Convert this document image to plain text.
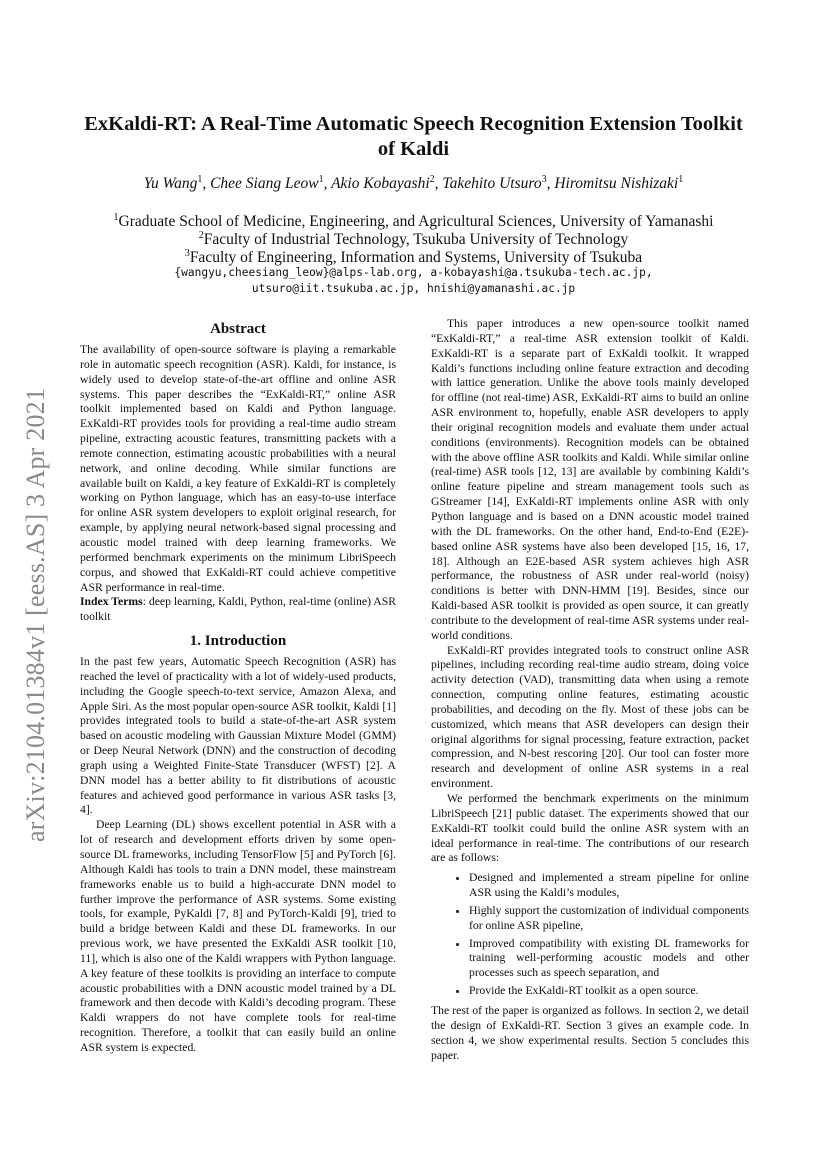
arXiv:2104.01384v1 [eess.AS] 3 Apr 2021
ExKaldi-RT: A Real-Time Automatic Speech Recognition Extension Toolkit
of Kaldi
Yu Wang$^1$, Chee Siang Leow$^1$, Akio Kobayashi$^2$, Takehito Utsuro$^3$, Hiromitsu Nishizaki$^1$
$^1$Graduate School of Medicine, Engineering, and Agricultural Sciences, University of Yamanashi
$^2$Faculty of Industrial Technology, Tsukuba University of Technology
$^3$Faculty of Engineering, Information and Systems, University of Tsukuba
{wangyu,cheesiang_leow}@alps-lab.org, a-kobayashi@a.tsukuba-tech.ac.jp,
utsuro@iit.tsukuba.ac.jp, hnishi@yamanashi.ac.jp
Abstract

The availability of open-source software is playing a remarkable role in automatic speech recognition (ASR). Kaldi, for instance, is widely used to develop state-of-the-art offline and online ASR systems. This paper describes the “ExKaldi-RT,” online ASR toolkit implemented based on Kaldi and Python language. ExKaldi-RT provides tools for providing a real-time audio stream pipeline, extracting acoustic features, transmitting packets with a remote connection, estimating acoustic probabilities with a neural network, and online decoding. While similar functions are available built on Kaldi, a key feature of ExKaldi-RT is completely working on Python language, which has an easy-to-use interface for online ASR system developers to exploit original research, for example, by applying neural network-based signal processing and acoustic model trained with deep learning frameworks. We performed benchmark experiments on the minimum LibriSpeech corpus, and showed that ExKaldi-RT could achieve competitive ASR performance in real-time.

Index Terms: deep learning, Kaldi, Python, real-time (online) ASR toolkit

1. Introduction

In the past few years, Automatic Speech Recognition (ASR) has reached the level of practicality with a lot of widely-used products, including the Google speech-to-text service, Amazon Alexa, and Apple Siri. As the most popular open-source ASR toolkit, Kaldi [1] provides integrated tools to build a state-of-the-art ASR system based on acoustic modeling with Gaussian Mixture Model (GMM) or Deep Neural Network (DNN) and the construction of decoding graph using a Weighted Finite-State Transducer (WFST) [2]. A DNN model has a better ability to fit distributions of acoustic features and achieved good performance in various ASR tasks [3, 4].

Deep Learning (DL) shows excellent potential in ASR with a lot of research and development efforts driven by some open-source DL frameworks, including TensorFlow [5] and PyTorch [6]. Although Kaldi has tools to train a DNN model, these mainstream frameworks enable us to build a high-accurate DNN model to further improve the performance of ASR systems. Some existing tools, for example, PyKaldi [7, 8] and PyTorch-Kaldi [9], tried to build a bridge between Kaldi and these DL frameworks. In our previous work, we have presented the ExKaldi ASR toolkit [10, 11], which is also one of the Kaldi wrappers with Python language. A key feature of these toolkits is providing an interface to compute acoustic probabilities with a DNN acoustic model trained by a DL framework and then decode with Kaldi’s decoding program. These Kaldi wrappers do not have complete tools for real-time recognition. Therefore, a toolkit that can easily build an online ASR system is expected.

This paper introduces a new open-source toolkit named “ExKaldi-RT,” a real-time ASR extension toolkit of Kaldi. ExKaldi-RT is a separate part of ExKaldi toolkit. It wrapped Kaldi’s functions including online feature extraction and decoding with lattice generation. Unlike the above tools mainly developed for offline (not real-time) ASR, ExKaldi-RT aims to build an online ASR environment to, hopefully, enable ASR developers to apply their original recognition models and evaluate them under actual conditions (environments). Recognition models can be obtained with the above offline ASR toolkits and Kaldi. While similar online (real-time) ASR tools [12, 13] are available by combining Kaldi’s online feature pipeline and stream management tools such as GStreamer [14], ExKaldi-RT implements online ASR with only Python language and is based on a DNN acoustic model trained with the DL frameworks. On the other hand, End-to-End (E2E)-based online ASR systems have also been developed [15, 16, 17, 18]. Although an E2E-based ASR system achieves high ASR performance, the robustness of ASR under real-world (noisy) conditions is better with DNN-HMM [19]. Besides, since our Kaldi-based ASR toolkit is provided as open source, it can greatly contribute to the development of real-time ASR systems under real-world conditions.

ExKaldi-RT provides integrated tools to construct online ASR pipelines, including recording real-time audio stream, doing voice activity detection (VAD), transmitting data when using a remote connection, computing online features, estimating acoustic probabilities, and decoding on the fly. Most of these jobs can be customized, which means that ASR developers can design their original algorithms for signal processing, feature extraction, packet compression, and N-best rescoring [20]. Our tool can foster more research and development of online ASR systems in a real environment.

We performed the benchmark experiments on the minimum LibriSpeech [21] public dataset. The experiments showed that our ExKaldi-RT toolkit could build the online ASR system with an ideal performance in real-time. The contributions of our research are as follows:

• Designed and implemented a stream pipeline for online ASR using the Kaldi’s modules,
• Highly support the customization of individual components for online ASR pipeline,
• Improved compatibility with existing DL frameworks for training well-performing acoustic models and other processes such as speech separation, and
• Provide the ExKaldi-RT toolkit as a open source.

The rest of the paper is organized as follows. In section 2, we detail the design of ExKaldi-RT. Section 3 gives an example code. In section 4, we show experimental results. Section 5 concludes this paper.
